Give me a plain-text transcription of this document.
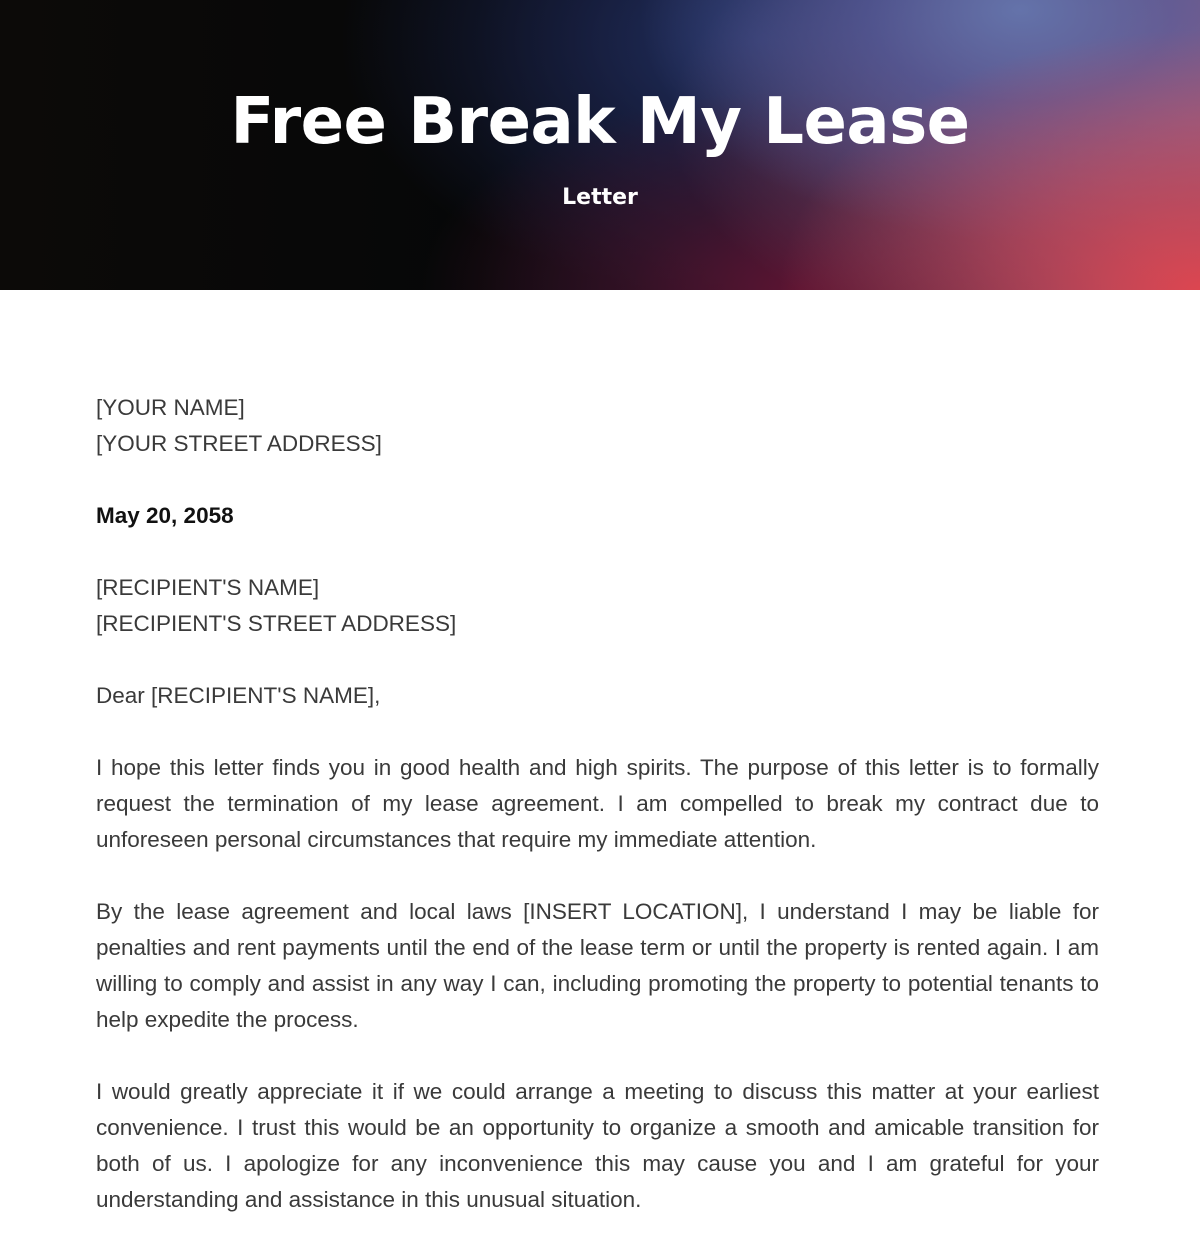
Free Break My Lease
Letter
[YOUR NAME]
[YOUR STREET ADDRESS]
May 20, 2058
[RECIPIENT'S NAME]
[RECIPIENT'S STREET ADDRESS]
Dear [RECIPIENT'S NAME],

I hope this letter finds you in good health and high spirits. The purpose of this letter is to formally request the termination of my lease agreement. I am compelled to break my contract due to unforeseen personal circumstances that require my immediate attention.

By the lease agreement and local laws [INSERT LOCATION], I understand I may be liable for penalties and rent payments until the end of the lease term or until the property is rented again. I am willing to comply and assist in any way I can, including promoting the property to potential tenants to help expedite the process.

I would greatly appreciate it if we could arrange a meeting to discuss this matter at your earliest convenience. I trust this would be an opportunity to organize a smooth and amicable transition for both of us. I apologize for any inconvenience this may cause you and I am grateful for your understanding and assistance in this unusual situation.
